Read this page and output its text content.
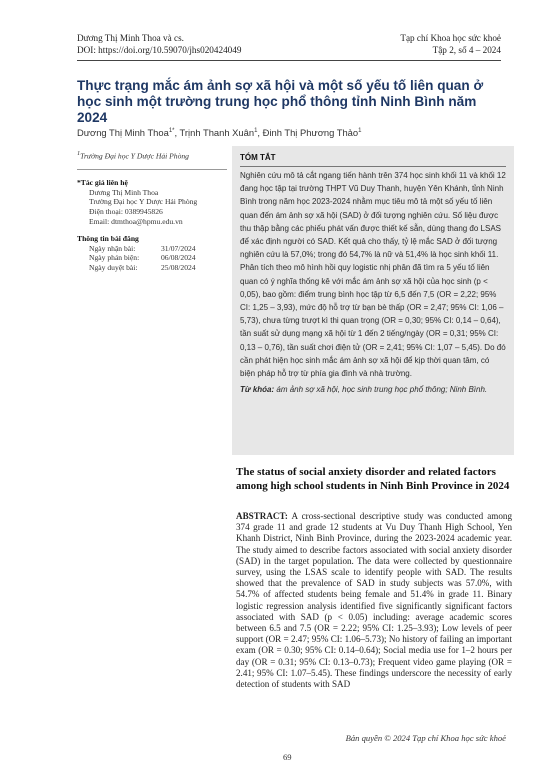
Dương Thị Minh Thoa và cs.
DOI: https://doi.org/10.59070/jhs020424049
Tạp chí Khoa học sức khoẻ
Tập 2, số 4 – 2024
Thực trạng mắc ám ảnh sợ xã hội và một số yếu tố liên quan ở học sinh một trường trung học phổ thông tỉnh Ninh Bình năm 2024
Dương Thị Minh Thoa$^{1*}$, Trịnh Thanh Xuân$^1$, Đinh Thị Phương Thảo$^1$
$^1$Trường Đại học Y Dược Hải Phòng
*Tác giả liên hệ
Dương Thị Minh Thoa
Trường Đại học Y Dược Hải Phòng
Điện thoại: 0389945826
Email: dtmthoa@hpmu.edu.vn
Thông tin bài đăng
Ngày nhận bài:	31/07/2024
Ngày phản biện:	06/08/2024
Ngày duyệt bài:	25/08/2024
TÓM TẮT
Nghiên cứu mô tả cắt ngang tiến hành trên 374 học sinh khối 11 và khối 12 đang học tập tại trường THPT Vũ Duy Thanh, huyện Yên Khánh, tỉnh Ninh Bình trong năm học 2023-2024 nhằm mục tiêu mô tả một số yếu tố liên quan đến ám ảnh sợ xã hội (SAD) ở đối tượng nghiên cứu. Số liệu được thu thập bằng các phiếu phát vấn được thiết kế sẵn, dùng thang đo LSAS để xác định người có SAD. Kết quả cho thấy, tỷ lệ mắc SAD ở đối tượng nghiên cứu là 57,0%; trong đó 54,7% là nữ và 51,4% là học sinh khối 11. Phân tích theo mô hình hồi quy logistic nhị phân đã tìm ra 5 yếu tố liên quan có ý nghĩa thống kê với mắc ám ảnh sợ xã hội của học sinh (p < 0,05), bao gồm: điểm trung bình học tập từ 6,5 đến 7,5 (OR = 2,22; 95% CI: 1,25 – 3,93), mức độ hỗ trợ từ bạn bè thấp (OR = 2,47; 95% CI: 1,06 – 5,73), chưa từng trượt kì thi quan trọng (OR = 0,30; 95% CI: 0,14 – 0,64), tần suất sử dụng mạng xã hội từ 1 đến 2 tiếng/ngày (OR = 0,31; 95% CI: 0,13 – 0,76), tần suất chơi điện tử (OR = 2,41; 95% CI: 1,07 – 5,45). Do đó cần phát hiện học sinh mắc ám ảnh sợ xã hội để kịp thời quan tâm, có biện pháp hỗ trợ từ phía gia đình và nhà trường.
Từ khóa: ám ảnh sợ xã hội, học sinh trung học phổ thông; Ninh Bình.
The status of social anxiety disorder and related factors among high school students in Ninh Binh Province in 2024
ABSTRACT: A cross-sectional descriptive study was conducted among 374 grade 11 and grade 12 students at Vu Duy Thanh High School, Yen Khanh District, Ninh Binh Province, during the 2023-2024 academic year. The study aimed to describe factors associated with social anxiety disorder (SAD) in the target population. The data were collected by questionnaire survey, using the LSAS scale to identify people with SAD. The results showed that the prevalence of SAD in study subjects was 57.0%, with 54.7% of affected students being female and 51.4% in grade 11. Binary logistic regression analysis identified five significantly significant factors associated with SAD (p < 0.05) including: average academic scores between 6.5 and 7.5 (OR = 2.22; 95% CI: 1.25–3.93); Low levels of peer support (OR = 2.47; 95% CI: 1.06–5.73); No history of failing an important exam (OR = 0.30; 95% CI: 0.14–0.64); Social media use for 1–2 hours per day (OR = 0.31; 95% CI: 0.13–0.73); Frequent video game playing (OR = 2.41; 95% CI: 1.07–5.45). These findings underscore the necessity of early detection of students with SAD
Bản quyền © 2024 Tạp chí Khoa học sức khoẻ
69
